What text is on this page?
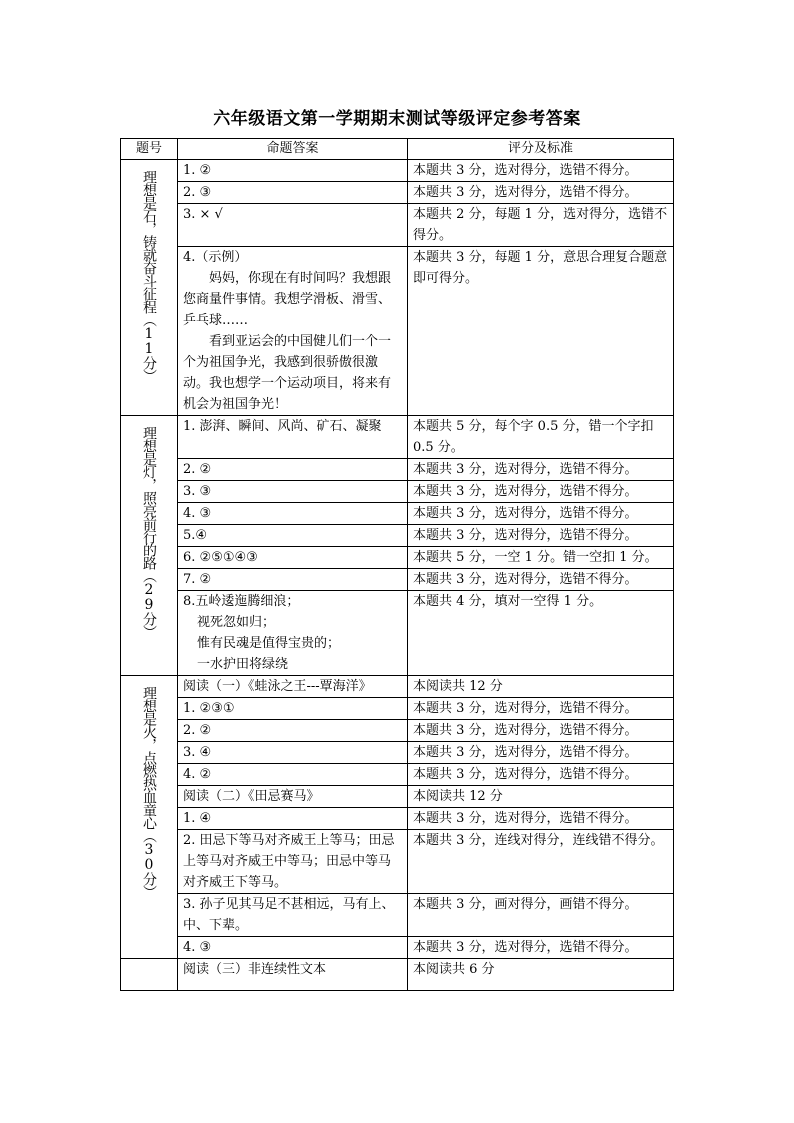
六年级语文第一学期期末测试等级评定参考答案
题号	命题答案	评分及标准
理想是石，铸就奋斗征程（11分）	1. ②	本题共 3 分，选对得分，选错不得分。

	2. ③	本题共 3 分，选对得分，选错不得分。

	3. × √	本题共 2 分，每题 1 分，选对得分，选错不得分。

	4.（示例）
妈妈，你现在有时间吗？我想跟您商量件事情。我想学滑板、滑雪、乒乓球……
看到亚运会的中国健儿们一个一个为祖国争光，我感到很骄傲很激动。我也想学一个运动项目，将来有机会为祖国争光！	本题共 3 分，每题 1 分，意思合理复合题意即可得分。
理想是灯，照亮前行的路（29分）	1. 澎湃、瞬间、风尚、矿石、凝聚	本题共 5 分，每个字 0.5 分，错一个字扣 0.5 分。

	2. ②	本题共 3 分，选对得分，选错不得分。

	3. ③	本题共 3 分，选对得分，选错不得分。

	4. ③	本题共 3 分，选对得分，选错不得分。

	5.④	本题共 3 分，选对得分，选错不得分。

	6. ②⑤①④③	本题共 5 分，一空 1 分。错一空扣 1 分。

	7. ②	本题共 3 分，选对得分，选错不得分。

	8.五岭逶迤腾细浪；
视死忽如归；
惟有民魂是值得宝贵的；
一水护田将绿绕	本题共 4 分，填对一空得 1 分。
理想是火，点燃热血童心（30分）	阅读（一）《蛙泳之王---覃海洋》	本阅读共 12 分

	1. ②③①	本题共 3 分，选对得分，选错不得分。

	2. ②	本题共 3 分，选对得分，选错不得分。

	3. ④	本题共 3 分，选对得分，选错不得分。

	4. ②	本题共 3 分，选对得分，选错不得分。

	阅读（二）《田忌赛马》	本阅读共 12 分

	1. ④	本题共 3 分，选对得分，选错不得分。

	2. 田忌下等马对齐威王上等马；田忌上等马对齐威王中等马；田忌中等马对齐威王下等马。	本题共 3 分，连线对得分，连线错不得分。

	3. 孙子见其马足不甚相远，马有上、中、下辈。	本题共 3 分，画对得分，画错不得分。

	4. ③	本题共 3 分，选对得分，选错不得分。

	阅读（三）非连续性文本	本阅读共 6 分
